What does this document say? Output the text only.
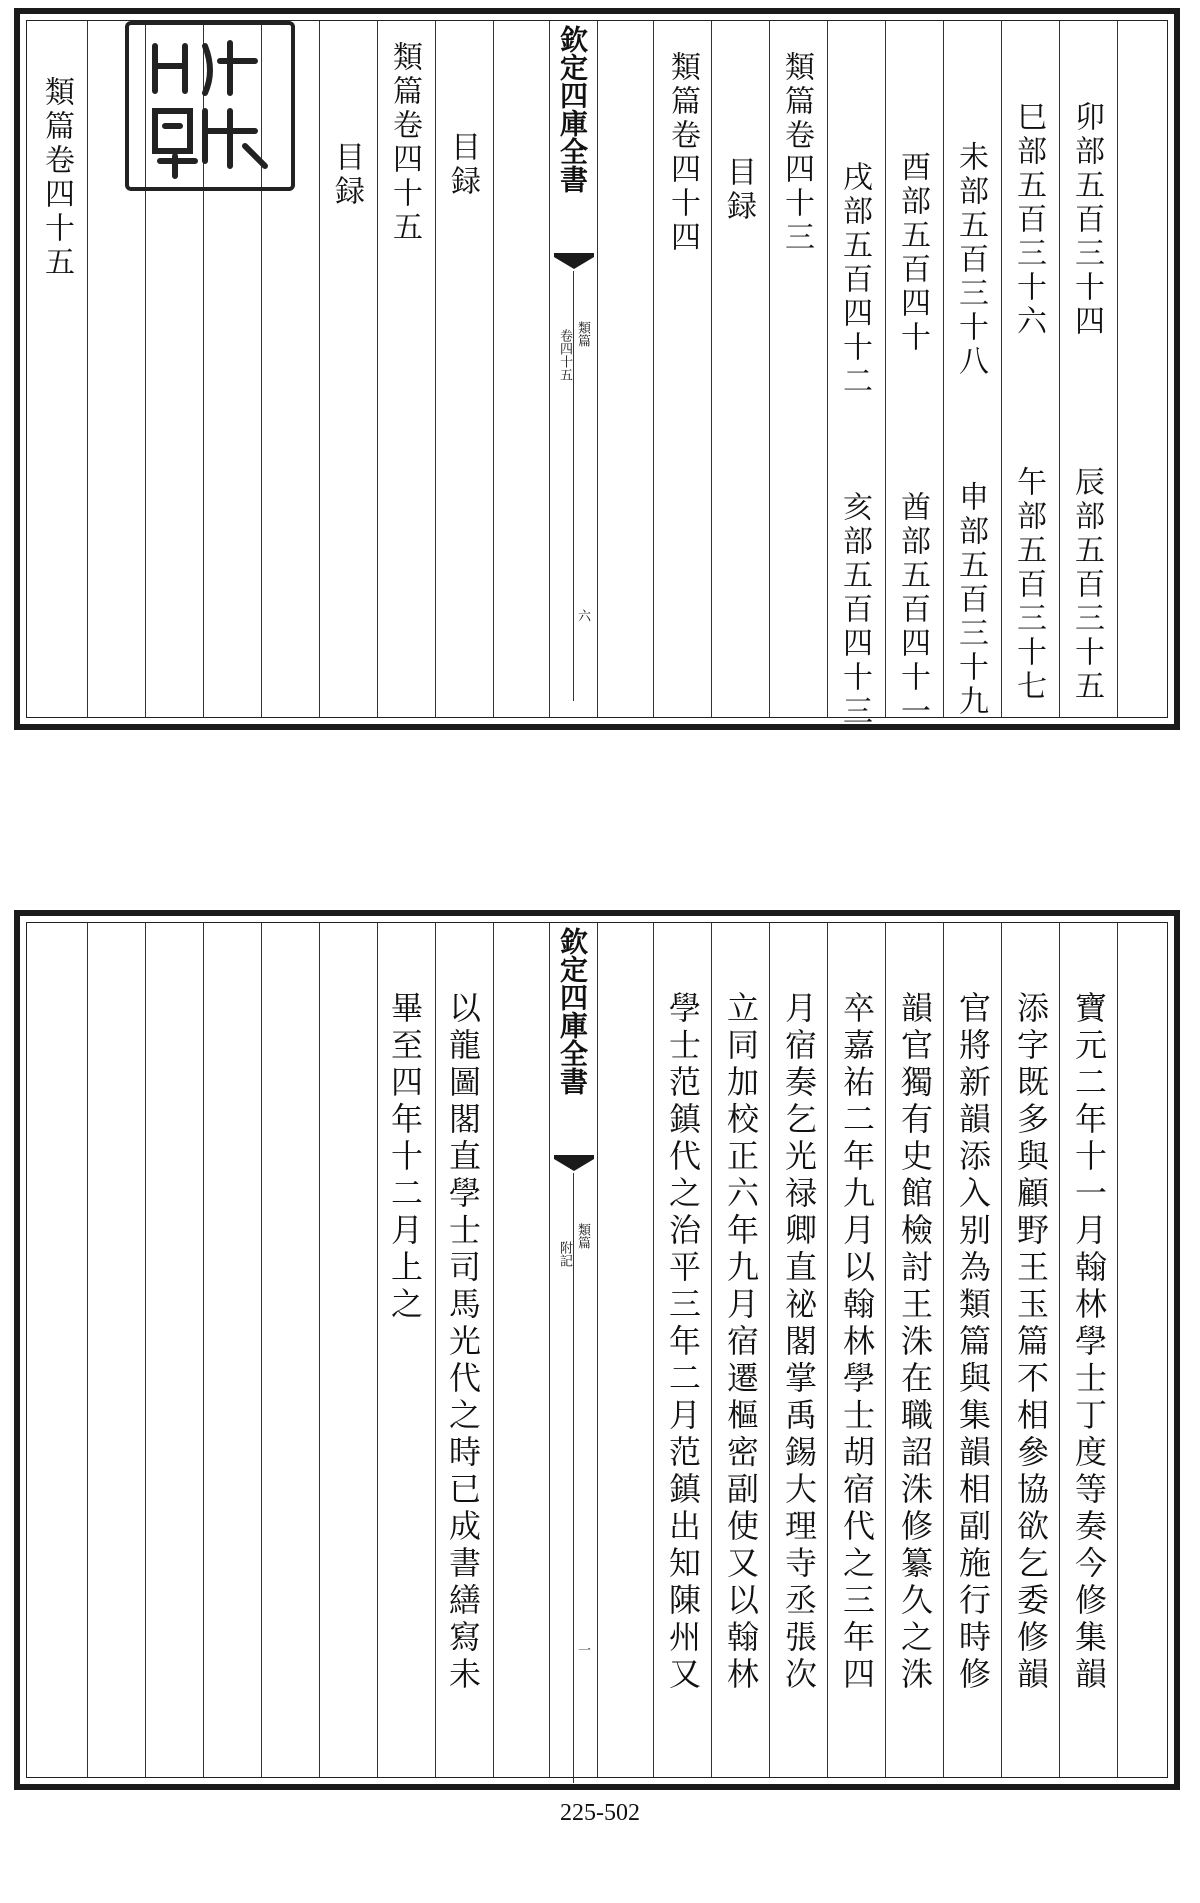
卯部五百三十四
辰部五百三十五
巳部五百三十六
午部五百三十七
未部五百三十八
申部五百三十九
酉部五百四十
酋部五百四十一
戌部五百四十二
亥部五百四十三
類篇卷四十三
目録
類篇卷四十四
欽定四庫全書
類篇
卷四十五
六
目録
類篇卷四十五
目録
類篇卷四十五
寶元二年十一月翰林學士丁度等奏今修集韻
添字既多與顧野王玉篇不相參協欲乞委修韻
官將新韻添入别為類篇與集韻相副施行時修
韻官獨有史館檢討王洙在職詔洙修纂久之洙
卒嘉祐二年九月以翰林學士胡宿代之三年四
月宿奏乞光禄卿直祕閣掌禹錫大理寺丞張次
立同加校正六年九月宿遷樞密副使又以翰林
學士范鎮代之治平三年二月范鎮出知陳州又
欽定四庫全書
類篇
附記
一
以龍圖閣直學士司馬光代之時已成書繕寫未
畢至四年十二月上之
225-502
